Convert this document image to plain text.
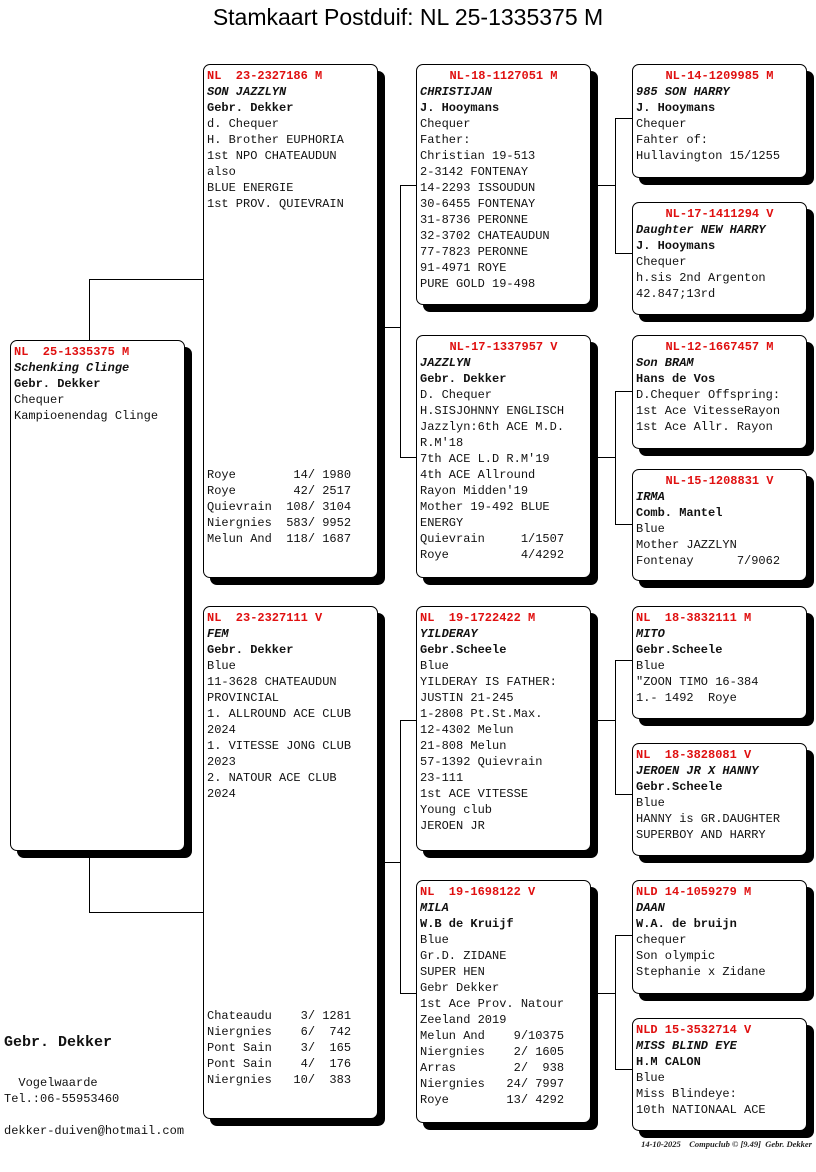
Stamkaart Postduif: NL 25-1335375 M
NL  25-1335375 M
Schenking Clinge
Gebr. Dekker
Chequer
Kampioenendag Clinge
NL  23-2327186 M
SON JAZZLYN
Gebr. Dekker
d. Chequer
H. Brother EUPHORIA
1st NPO CHATEAUDUN
also
BLUE ENERGIE
1st PROV. QUIEVRAIN
Roye        14/ 1980
Roye        42/ 2517
Quievrain  108/ 3104
Niergnies  583/ 9952
Melun And  118/ 1687
NL  23-2327111 V
FEM
Gebr. Dekker
Blue
11-3628 CHATEAUDUN
PROVINCIAL
1. ALLROUND ACE CLUB
2024
1. VITESSE JONG CLUB
2023
2. NATOUR ACE CLUB
2024
Chateaudu    3/ 1281
Niergnies    6/  742
Pont Sain    3/  165
Pont Sain    4/  176
Niergnies   10/  383
NL-18-1127051 M
CHRISTIJAN
J. Hooymans
Chequer
Father:
Christian 19-513
2-3142 FONTENAY
14-2293 ISSOUDUN
30-6455 FONTENAY
31-8736 PERONNE
32-3702 CHATEAUDUN
77-7823 PERONNE
91-4971 ROYE
PURE GOLD 19-498
NL-17-1337957 V
JAZZLYN
Gebr. Dekker
D. Chequer
H.SISJOHNNY ENGLISCH
Jazzlyn:6th ACE M.D.
R.M'18
7th ACE L.D R.M'19
4th ACE Allround
Rayon Midden'19
Mother 19-492 BLUE
ENERGY
Quievrain     1/1507
Roye          4/4292
NL  19-1722422 M
YILDERAY
Gebr.Scheele
Blue
YILDERAY IS FATHER:
JUSTIN 21-245
1-2808 Pt.St.Max.
12-4302 Melun
21-808 Melun
57-1392 Quievrain
23-111
1st ACE VITESSE
Young club
JEROEN JR
NL  19-1698122 V
MILA
W.B de Kruijf
Blue
Gr.D. ZIDANE
SUPER HEN
Gebr Dekker
1st Ace Prov. Natour
Zeeland 2019
Melun And    9/10375
Niergnies    2/ 1605
Arras        2/  938
Niergnies   24/ 7997
Roye        13/ 4292
NL-14-1209985 M
985 SON HARRY
J. Hooymans
Chequer
Fahter of:
Hullavington 15/1255
NL-17-1411294 V
Daughter NEW HARRY
J. Hooymans
Chequer
h.sis 2nd Argenton
42.847;13rd
NL-12-1667457 M
Son BRAM
Hans de Vos
D.Chequer Offspring:
1st Ace VitesseRayon
1st Ace Allr. Rayon
NL-15-1208831 V
IRMA
Comb. Mantel
Blue
Mother JAZZLYN
Fontenay      7/9062
NL  18-3832111 M
MITO
Gebr.Scheele
Blue
"ZOON TIMO 16-384
1.- 1492  Roye
NL  18-3828081 V
JEROEN JR X HANNY
Gebr.Scheele
Blue
HANNY is GR.DAUGHTER
SUPERBOY AND HARRY
NLD 14-1059279 M
DAAN
W.A. de bruijn
chequer
Son olympic
Stephanie x Zidane
NLD 15-3532714 V
MISS BLIND EYE
H.M CALON
Blue
Miss Blindeye:
10th NATIONAAL ACE
Gebr. Dekker
Vogelwaarde
Tel.:06-55953460
dekker-duiven@hotmail.com
14-10-2025 Compuclub © [9.49] Gebr. Dekker
